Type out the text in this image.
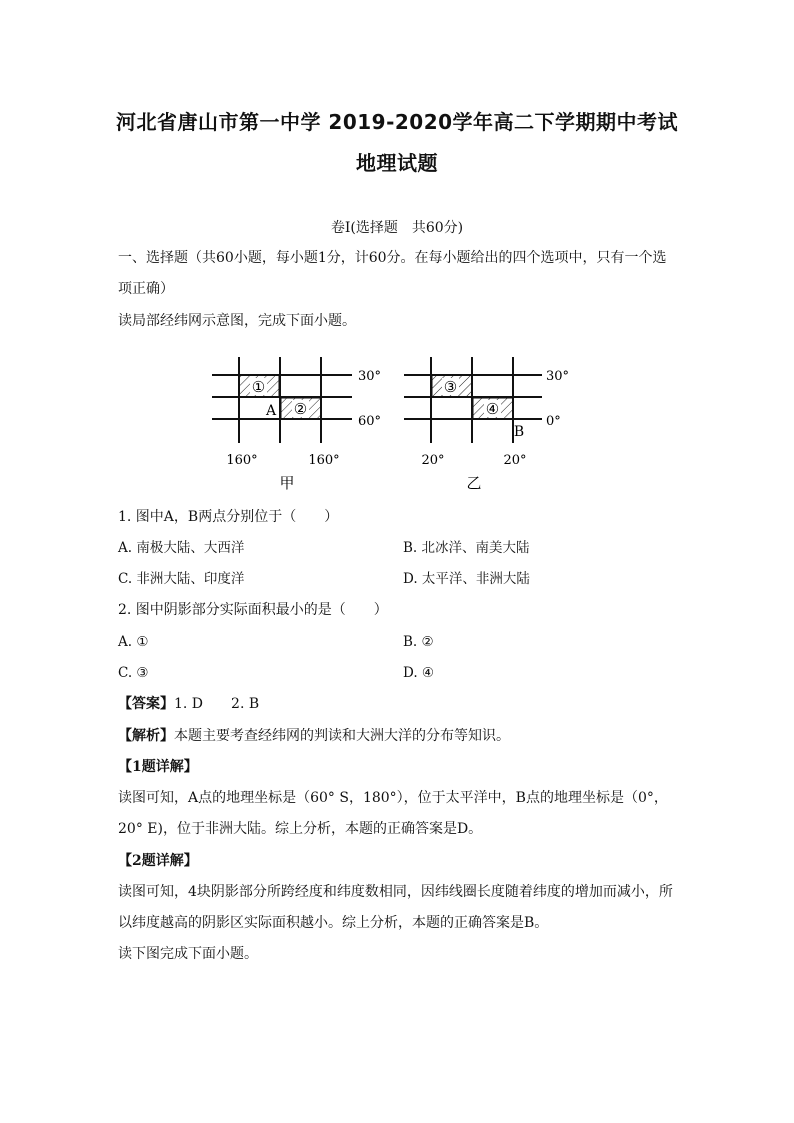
河北省唐山市第一中学 2019-2020学年高二下学期期中考试
地理试题
卷Ⅰ(选择题　共60分)
一、选择题（共60小题，每小题1分，计60分。在每小题给出的四个选项中，只有一个选
项正确）
读局部经纬网示意图，完成下面小题。
①
②
A
30°
60°
160°	160°
甲
③
④
B
30°
0°
20°	20°
乙
1. 图中A，B两点分别位于（　　）
A. 南极大陆、大西洋	B. 北冰洋、南美大陆
C. 非洲大陆、印度洋	D. 太平洋、非洲大陆
2. 图中阴影部分实际面积最小的是（　　）
A. ①	B. ②
C. ③	D. ④
【答案】1. D　　2. B
【解析】本题主要考查经纬网的判读和大洲大洋的分布等知识。
【1题详解】
读图可知，A点的地理坐标是（60° S，180°），位于太平洋中，B点的地理坐标是（0°，
20° E)，位于非洲大陆。综上分析，本题的正确答案是D。
【2题详解】
读图可知，4块阴影部分所跨经度和纬度数相同，因纬线圈长度随着纬度的增加而减小，所
以纬度越高的阴影区实际面积越小。综上分析，本题的正确答案是B。
读下图完成下面小题。
